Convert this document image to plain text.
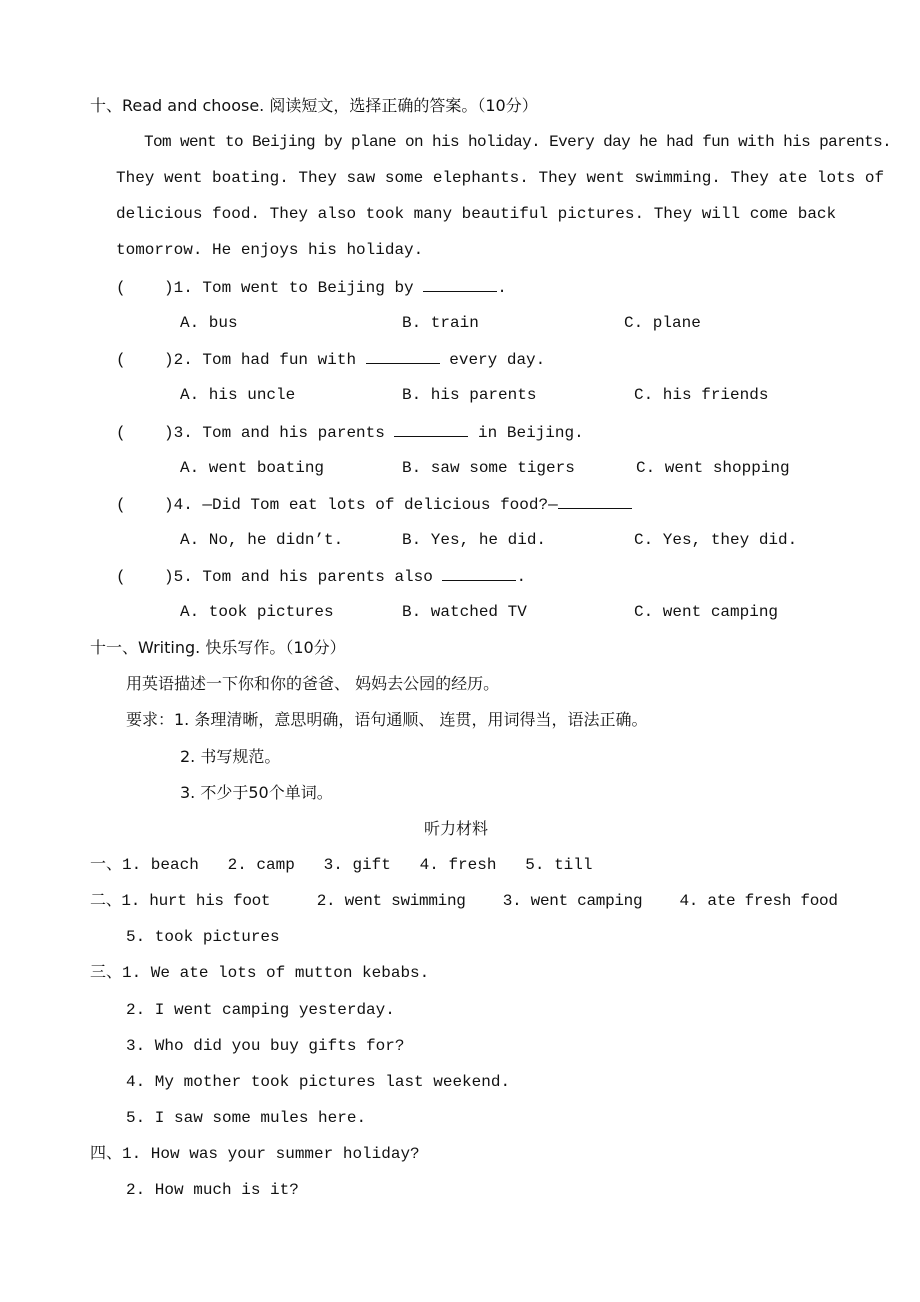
十、Read and choose. 阅读短文，选择正确的答案。（10分）
Tom went to Beijing by plane on his holiday. Every day he had fun with his parents.
They went boating. They saw some elephants. They went swimming. They ate lots of
delicious food. They also took many beautiful pictures. They will come back
tomorrow. He enjoys his holiday.
(    )1. Tom went to Beijing by	.
A. bus	B. train	C. plane
(    )2. Tom had fun with	every day.
A. his uncle	B. his parents	C. his friends
(    )3. Tom and his parents	in Beijing.
A. went boating	B. saw some tigers	C. went shopping
(    )4. —Did Tom eat lots of delicious food?—
A. No, he didn’t.	B. Yes, he did.	C. Yes, they did.
(    )5. Tom and his parents also	.
A. took pictures	B. watched TV	C. went camping
十一、Writing. 快乐写作。（10分）
用英语描述一下你和你的爸爸、 妈妈去公园的经历。
要求：1. 条理清晰，意思明确，语句通顺、 连贯，用词得当，语法正确。
2. 书写规范。
3. 不少于50个单词。
听力材料
一、1. beach   2. camp   3. gift   4. fresh   5. till
二、1. hurt his foot     2. went swimming    3. went camping    4. ate fresh food
5. took pictures
三、1. We ate lots of mutton kebabs.
2. I went camping yesterday.
3. Who did you buy gifts for?
4. My mother took pictures last weekend.
5. I saw some mules here.
四、1. How was your summer holiday?
2. How much is it?
